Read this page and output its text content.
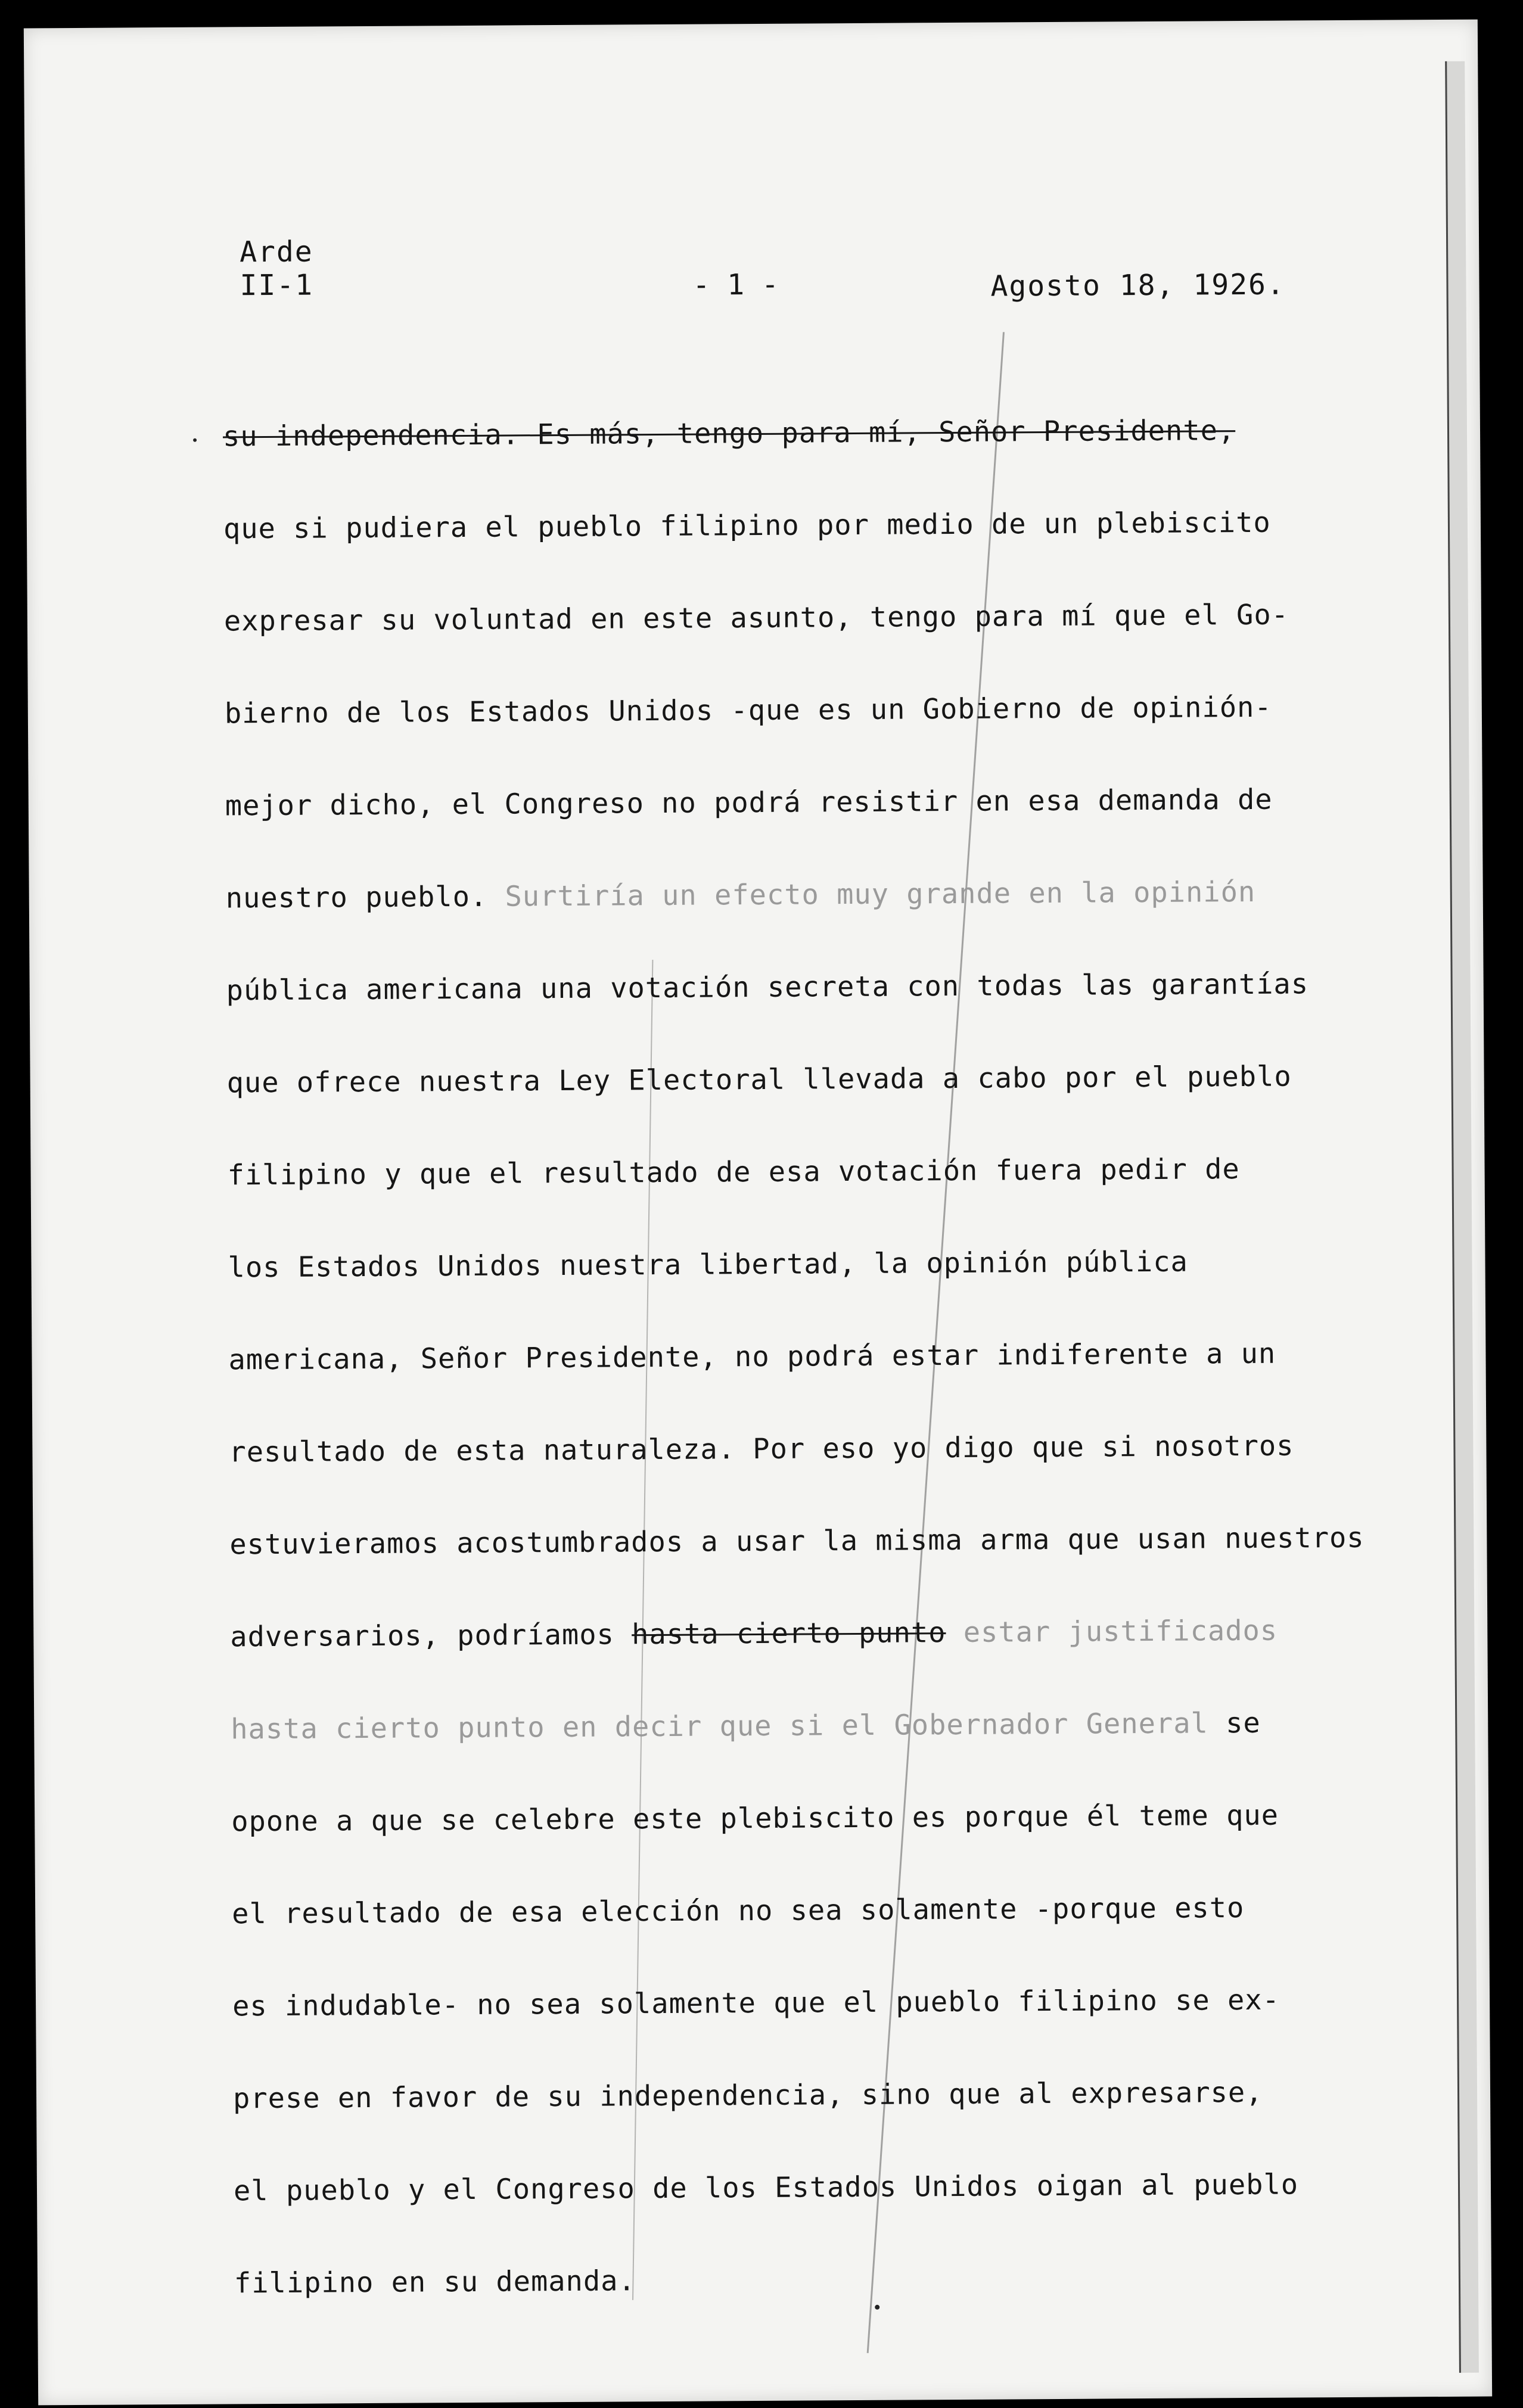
Arde
II-1	- 1 -	Agosto 18, 1926.
su independencia. Es más, tengo para mí, Señor Presidente,
que si pudiera el pueblo filipino por medio de un plebiscito
expresar su voluntad en este asunto, tengo para mí que el Go-
bierno de los Estados Unidos -que es un Gobierno de opinión-
mejor dicho, el Congreso no podrá resistir en esa demanda de
nuestro pueblo. Surtiría un efecto muy grande en la opinión
pública americana una votación secreta con todas las garantías
que ofrece nuestra Ley Electoral llevada a cabo por el pueblo
filipino y que el resultado de esa votación fuera pedir de
los Estados Unidos nuestra libertad, la opinión pública
americana, Señor Presidente, no podrá estar indiferente a un
resultado de esta naturaleza. Por eso yo digo que si nosotros
estuvieramos acostumbrados a usar la misma arma que usan nuestros
adversarios, podríamos hasta cierto punto estar justificados
hasta cierto punto en decir que si el Gobernador General se
opone a que se celebre este plebiscito es porque él teme que
el resultado de esa elección no sea solamente -porque esto
es indudable- no sea solamente que el pueblo filipino se ex-
prese en favor de su independencia, sino que al expresarse,
el pueblo y el Congreso de los Estados Unidos oigan al pueblo
filipino en su demanda.
